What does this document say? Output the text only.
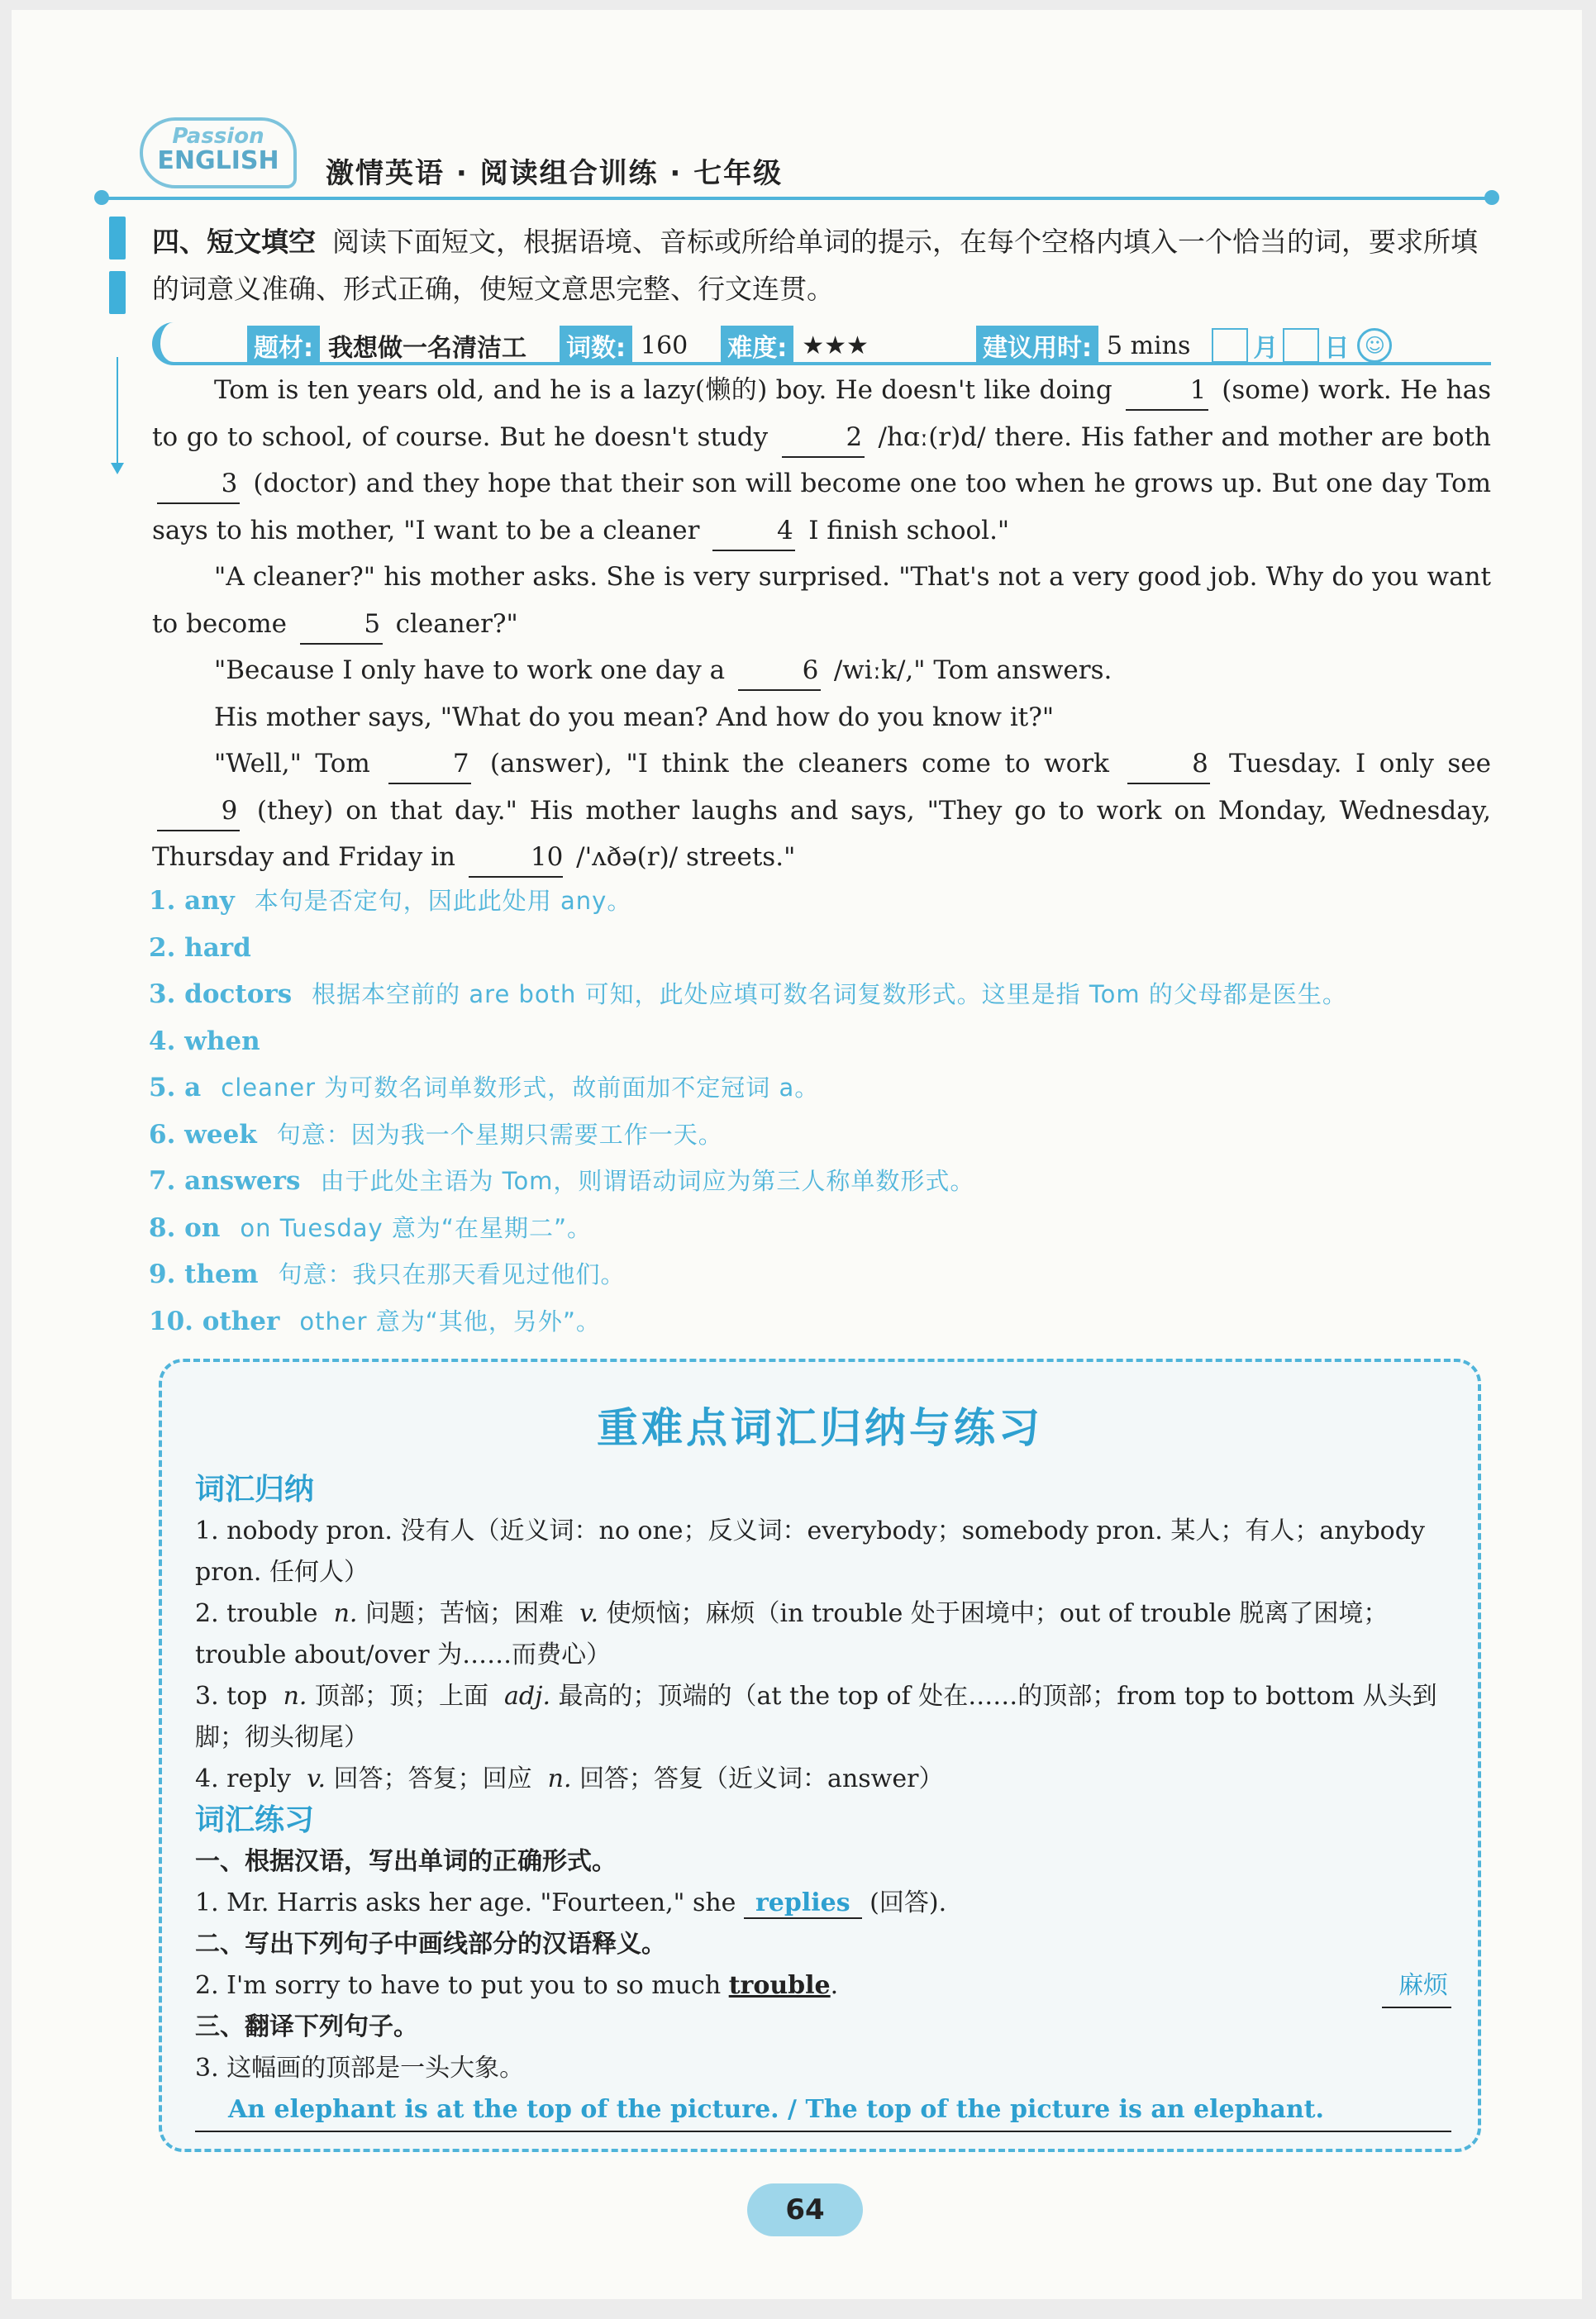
Passion
ENGLISH	激情英语 · 阅读组合训练 · 七年级
四、短文填空 阅读下面短文，根据语境、音标或所给单词的提示，在每个空格内填入一个恰当的词，要求所填的词意义准确、形式正确，使短文意思完整、行文连贯。
题材: 我想做一名清洁工 词数: 160 难度: ★★★	建议用时: 5 mins	月 日 ☺

Tom is ten years old, and he is a lazy(懒的) boy. He doesn't like doing	1 (some) work. He has to go to school, of course. But he doesn't study	2 /hɑː(r)d/ there. His father and mother are both 3 (doctor) and they hope that their son will become one too when he grows up. But one day Tom says to his mother, "I want to be a cleaner	4 I finish school."

"A cleaner?" his mother asks. She is very surprised. "That's not a very good job. Why do you want to become	5 cleaner?"

"Because I only have to work one day a	6 /wiːk/," Tom answers.

His mother says, "What do you mean? And how do you know it?"

"Well," Tom	7 (answer), "I think the cleaners come to work	8 Tuesday. I only see 9 (they) on that day." His mother laughs and says, "They go to work on Monday, Wednesday, Thursday and Friday in	10 /'ʌðə(r)/ streets."

1. any 本句是否定句，因此此处用 any。
2. hard
3. doctors 根据本空前的 are both 可知，此处应填可数名词复数形式。这里是指 Tom 的父母都是医生。
4. when
5. a cleaner 为可数名词单数形式，故前面加不定冠词 a。
6. week 句意：因为我一个星期只需要工作一天。
7. answers 由于此处主语为 Tom，则谓语动词应为第三人称单数形式。
8. on on Tuesday 意为“在星期二”。
9. them 句意：我只在那天看见过他们。
10. other other 意为“其他，另外”。
重难点词汇归纳与练习
词汇归纳
1. nobody pron. 没有人（近义词：no one；反义词：everybody；somebody pron. 某人；有人；anybody pron. 任何人）
2. trouble n. 问题；苦恼；困难 v. 使烦恼；麻烦（in trouble 处于困境中；out of trouble 脱离了困境；trouble about/over 为……而费心）
3. top n. 顶部；顶；上面 adj. 最高的；顶端的（at the top of 处在……的顶部；from top to bottom 从头到脚；彻头彻尾）
4. reply v. 回答；答复；回应 n. 回答；答复（近义词：answer）
词汇练习
一、根据汉语，写出单词的正确形式。
1. Mr. Harris asks her age. "Fourteen," she replies (回答).
二、写出下列句子中画线部分的汉语释义。
2. I'm sorry to have to put you to so much trouble.	麻烦
三、翻译下列句子。
3. 这幅画的顶部是一头大象。
An elephant is at the top of the picture. / The top of the picture is an elephant.
64
